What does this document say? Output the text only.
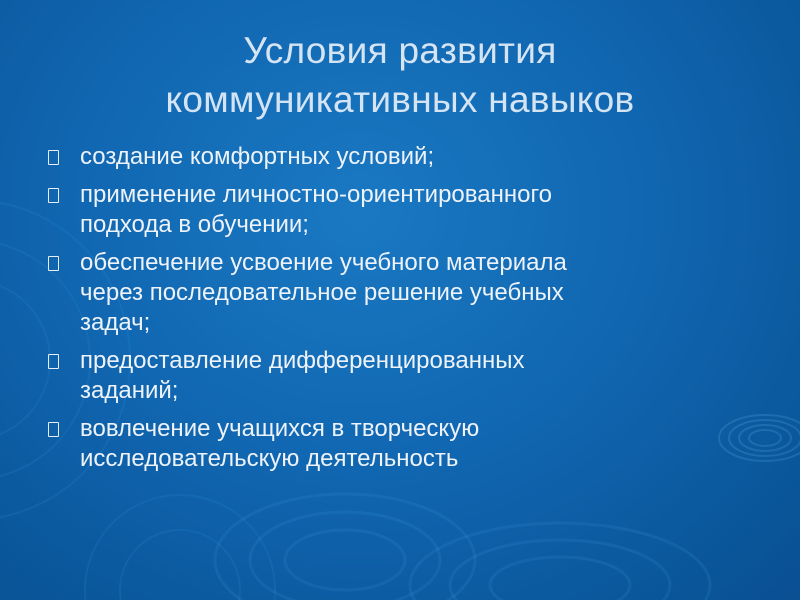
Условия развития
коммуникативных навыков
создание комфортных условий;
применение личностно-ориентированного
подхода в обучении;
обеспечение усвоение учебного материала
через последовательное решение учебных
задач;
предоставление дифференцированных
заданий;
вовлечение учащихся в творческую
исследовательскую деятельность
